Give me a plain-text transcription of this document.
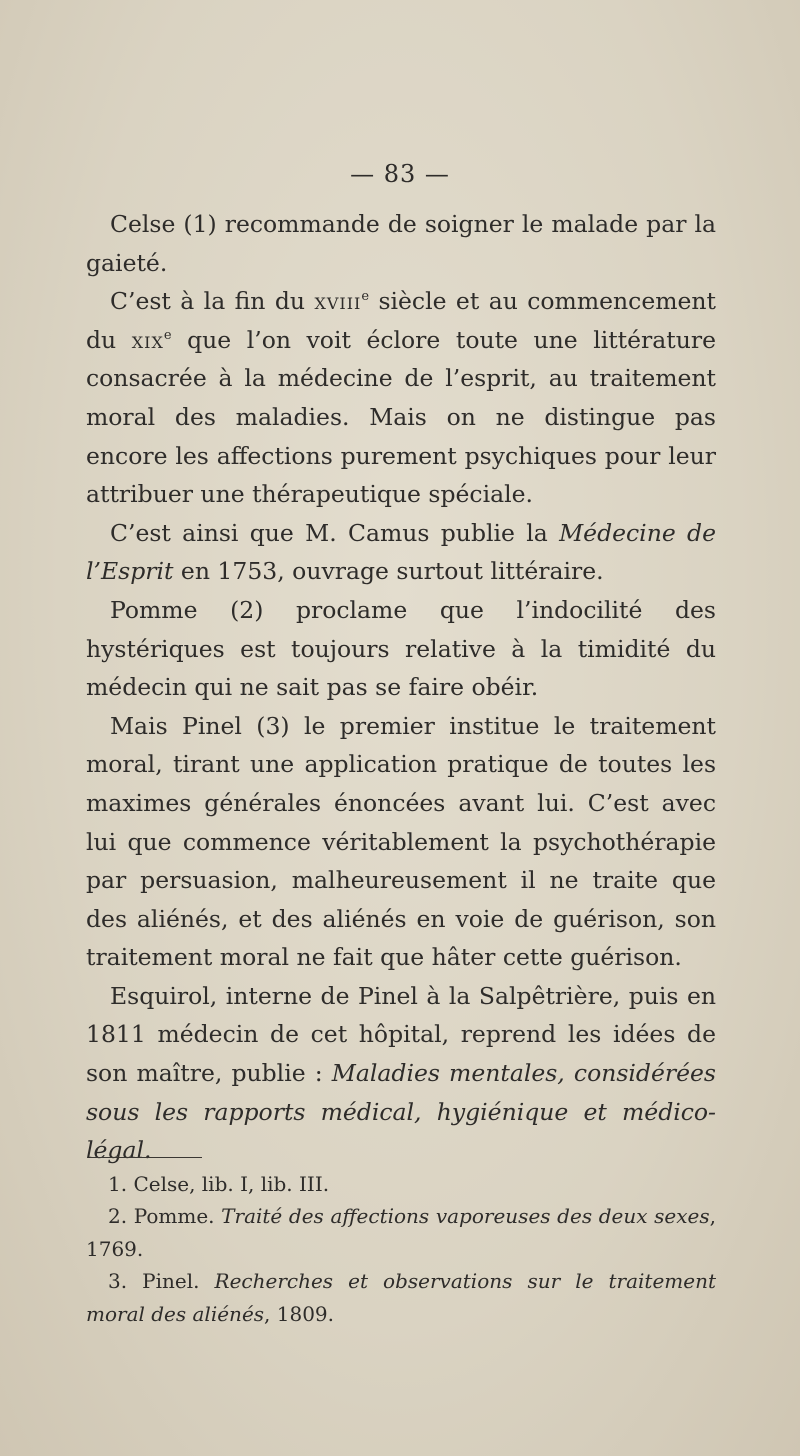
— 83 —

Celse (1) recommande de soigner le malade par la gaieté.

C’est à la fin du xviii$^e$ siècle et au commencement du xix$^e$ que l’on voit éclore toute une littérature consacrée à la médecine de l’esprit, au traitement moral des maladies. Mais on ne distingue pas encore les affections purement psychiques pour leur attribuer une thérapeutique spéciale.

C’est ainsi que M. Camus publie la Médecine de l’Esprit en 1753, ouvrage surtout littéraire.

Pomme (2) proclame que l’indocilité des hystériques est toujours relative à la timidité du médecin qui ne sait pas se faire obéir.

Mais Pinel (3) le premier institue le traitement moral, tirant une application pratique de toutes les maximes générales énoncées avant lui. C’est avec lui que commence véritablement la psychothérapie par persuasion, malheureusement il ne traite que des aliénés, et des aliénés en voie de guérison, son traitement moral ne fait que hâter cette guérison.

Esquirol, interne de Pinel à la Salpêtrière, puis en 1811 médecin de cet hôpital, reprend les idées de son maître, publie : Maladies mentales, considérées sous les rapports médical, hygiénique et médico-légal.

1. Celse, lib. I, lib. III.

2. Pomme. Traité des affections vaporeuses des deux sexes, 1769.

3. Pinel. Recherches et observations sur le traitement moral des aliénés, 1809.
